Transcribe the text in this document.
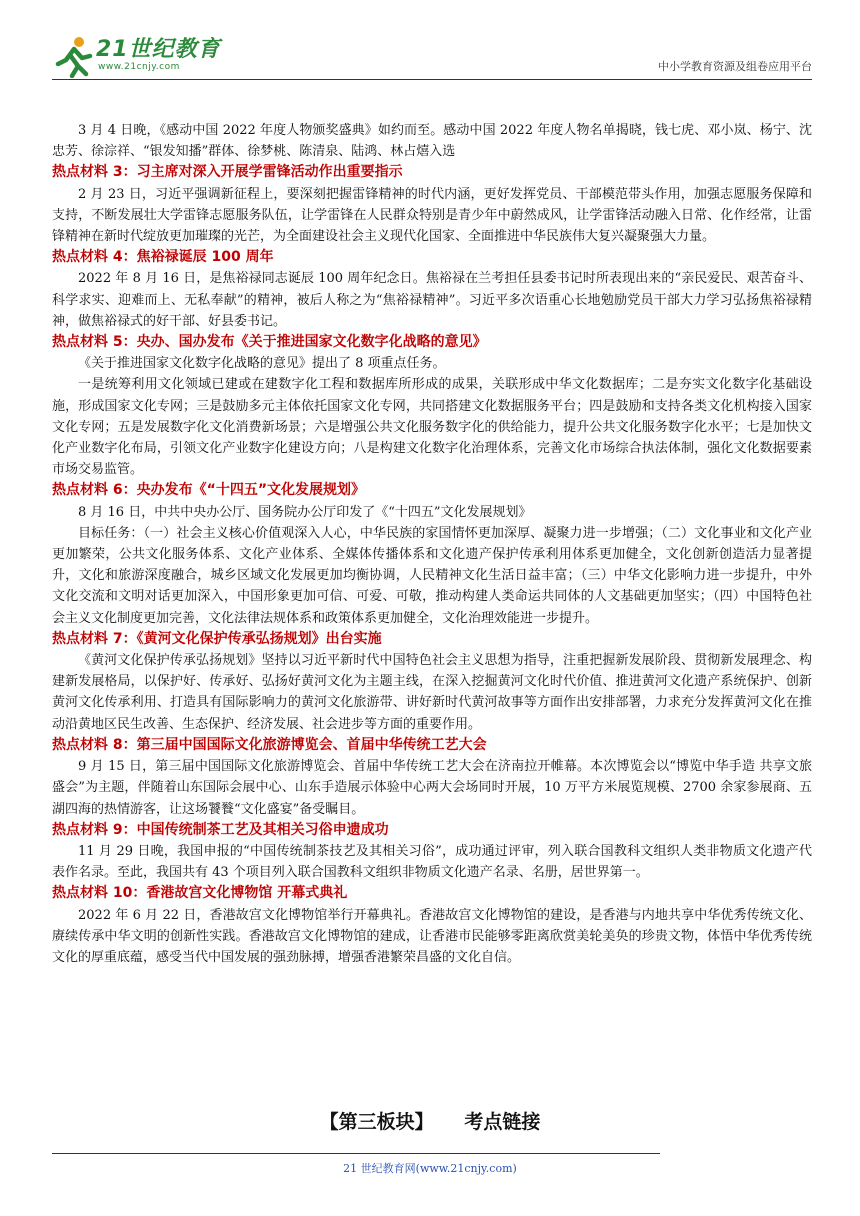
21世纪教育
www.21cnjy.com	中小学教育资源及组卷应用平台

3 月 4 日晚，《感动中国 2022 年度人物颁奖盛典》如约而至。感动中国 2022 年度人物名单揭晓，钱七虎、邓小岚、杨宁、沈忠芳、徐淙祥、“银发知播”群体、徐梦桃、陈清泉、陆鸿、林占熺入选

热点材料 3：习主席对深入开展学雷锋活动作出重要指示

2 月 23 日，习近平强调新征程上，要深刻把握雷锋精神的时代内涵，更好发挥党员、干部模范带头作用，加强志愿服务保障和支持，不断发展壮大学雷锋志愿服务队伍，让学雷锋在人民群众特别是青少年中蔚然成风，让学雷锋活动融入日常、化作经常，让雷锋精神在新时代绽放更加璀璨的光芒，为全面建设社会主义现代化国家、全面推进中华民族伟大复兴凝聚强大力量。

热点材料 4：焦裕禄诞辰 100 周年

2022 年 8 月 16 日，是焦裕禄同志诞辰 100 周年纪念日。焦裕禄在兰考担任县委书记时所表现出来的“亲民爱民、艰苦奋斗、科学求实、迎难而上、无私奉献”的精神，被后人称之为“焦裕禄精神”。习近平多次语重心长地勉励党员干部大力学习弘扬焦裕禄精神，做焦裕禄式的好干部、好县委书记。

热点材料 5：央办、国办发布《关于推进国家文化数字化战略的意见》

《关于推进国家文化数字化战略的意见》提出了 8 项重点任务。

一是统筹利用文化领域已建或在建数字化工程和数据库所形成的成果，关联形成中华文化数据库；二是夯实文化数字化基础设施，形成国家文化专网；三是鼓励多元主体依托国家文化专网，共同搭建文化数据服务平台；四是鼓励和支持各类文化机构接入国家文化专网；五是发展数字化文化消费新场景；六是增强公共文化服务数字化的供给能力，提升公共文化服务数字化水平；七是加快文化产业数字化布局，引领文化产业数字化建设方向；八是构建文化数字化治理体系，完善文化市场综合执法体制，强化文化数据要素市场交易监管。

热点材料 6：央办发布《“十四五”文化发展规划》

8 月 16 日，中共中央办公厅、国务院办公厅印发了《“十四五”文化发展规划》

目标任务：（一）社会主义核心价值观深入人心，中华民族的家国情怀更加深厚、凝聚力进一步增强；（二）文化事业和文化产业更加繁荣，公共文化服务体系、文化产业体系、全媒体传播体系和文化遗产保护传承利用体系更加健全，文化创新创造活力显著提升，文化和旅游深度融合，城乡区域文化发展更加均衡协调，人民精神文化生活日益丰富；（三）中华文化影响力进一步提升，中外文化交流和文明对话更加深入，中国形象更加可信、可爱、可敬，推动构建人类命运共同体的人文基础更加坚实；（四）中国特色社会主义文化制度更加完善，文化法律法规体系和政策体系更加健全，文化治理效能进一步提升。

热点材料 7：《黄河文化保护传承弘扬规划》出台实施

《黄河文化保护传承弘扬规划》坚持以习近平新时代中国特色社会主义思想为指导，注重把握新发展阶段、贯彻新发展理念、构建新发展格局，以保护好、传承好、弘扬好黄河文化为主题主线，在深入挖掘黄河文化时代价值、推进黄河文化遗产系统保护、创新黄河文化传承利用、打造具有国际影响力的黄河文化旅游带、讲好新时代黄河故事等方面作出安排部署，力求充分发挥黄河文化在推动沿黄地区民生改善、生态保护、经济发展、社会进步等方面的重要作用。

热点材料 8：第三届中国国际文化旅游博览会、首届中华传统工艺大会

9 月 15 日，第三届中国国际文化旅游博览会、首届中华传统工艺大会在济南拉开帷幕。本次博览会以“博览中华手造 共享文旅盛会”为主题，伴随着山东国际会展中心、山东手造展示体验中心两大会场同时开展，10 万平方米展览规模、2700 余家参展商、五湖四海的热情游客，让这场饕餮“文化盛宴”备受瞩目。

热点材料 9：中国传统制茶工艺及其相关习俗申遗成功

11 月 29 日晚，我国申报的“中国传统制茶技艺及其相关习俗”，成功通过评审，列入联合国教科文组织人类非物质文化遗产代表作名录。至此，我国共有 43 个项目列入联合国教科文组织非物质文化遗产名录、名册，居世界第一。

热点材料 10：香港故宫文化博物馆 开幕式典礼

2022 年 6 月 22 日，香港故宫文化博物馆举行开幕典礼。香港故宫文化博物馆的建设，是香港与内地共享中华优秀传统文化、赓续传承中华文明的创新性实践。香港故宫文化博物馆的建成，让香港市民能够零距离欣赏美轮美奂的珍贵文物，体悟中华优秀传统文化的厚重底蕴，感受当代中国发展的强劲脉搏，增强香港繁荣昌盛的文化自信。

【第三板块】 考点链接
21 世纪教育网(www.21cnjy.com)
